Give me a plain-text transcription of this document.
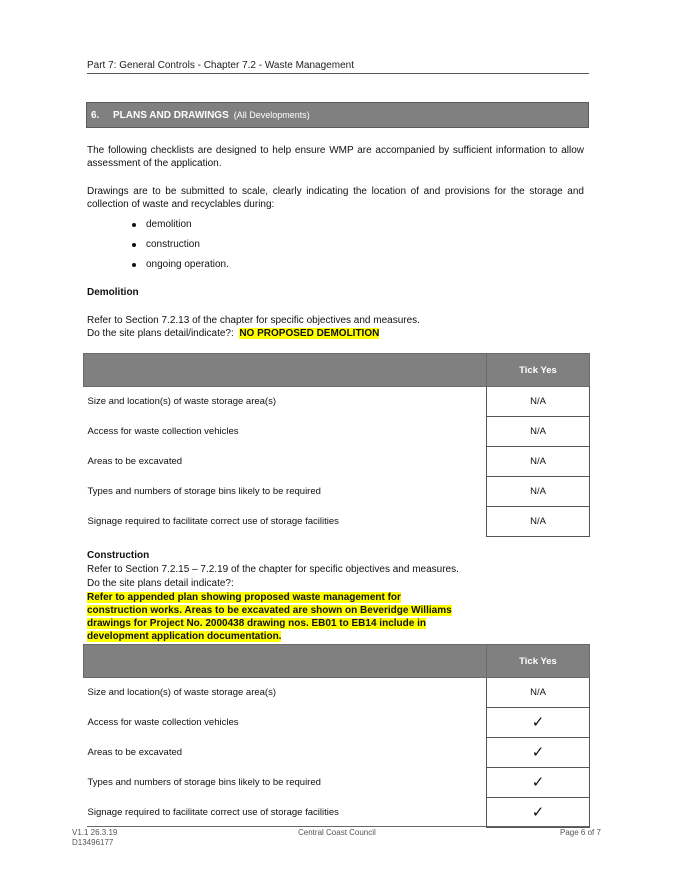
Part 7: General Controls - Chapter 7.2 - Waste Management
6.	PLANS AND DRAWINGS (All Developments)
The following checklists are designed to help ensure WMP are accompanied by sufficient information to allow assessment of the application.
Drawings are to be submitted to scale, clearly indicating the location of and provisions for the storage and collection of waste and recyclables during:
demolition
construction
ongoing operation.
Demolition
Refer to Section 7.2.13 of the chapter for specific objectives and measures.
Do the site plans detail/indicate?: NO PROPOSED DEMOLITION
	Tick Yes
Size and location(s) of waste storage area(s)	N/A
Access for waste collection vehicles	N/A
Areas to be excavated	N/A
Types and numbers of storage bins likely to be required	N/A
Signage required to facilitate correct use of storage facilities	N/A
Construction
Refer to Section 7.2.15 – 7.2.19 of the chapter for specific objectives and measures.
Do the site plans detail indicate?:
Refer to appended plan showing proposed waste management for
construction works. Areas to be excavated are shown on Beveridge Williams
drawings for Project No. 2000438 drawing nos. EB01 to EB14 include in
development application documentation.
	Tick Yes
Size and location(s) of waste storage area(s)	N/A
Access for waste collection vehicles	✓
Areas to be excavated	✓
Types and numbers of storage bins likely to be required	✓
Signage required to facilitate correct use of storage facilities	✓
V1.1 26.3.19
D13496177
Central Coast Council	Page 6 of 7
